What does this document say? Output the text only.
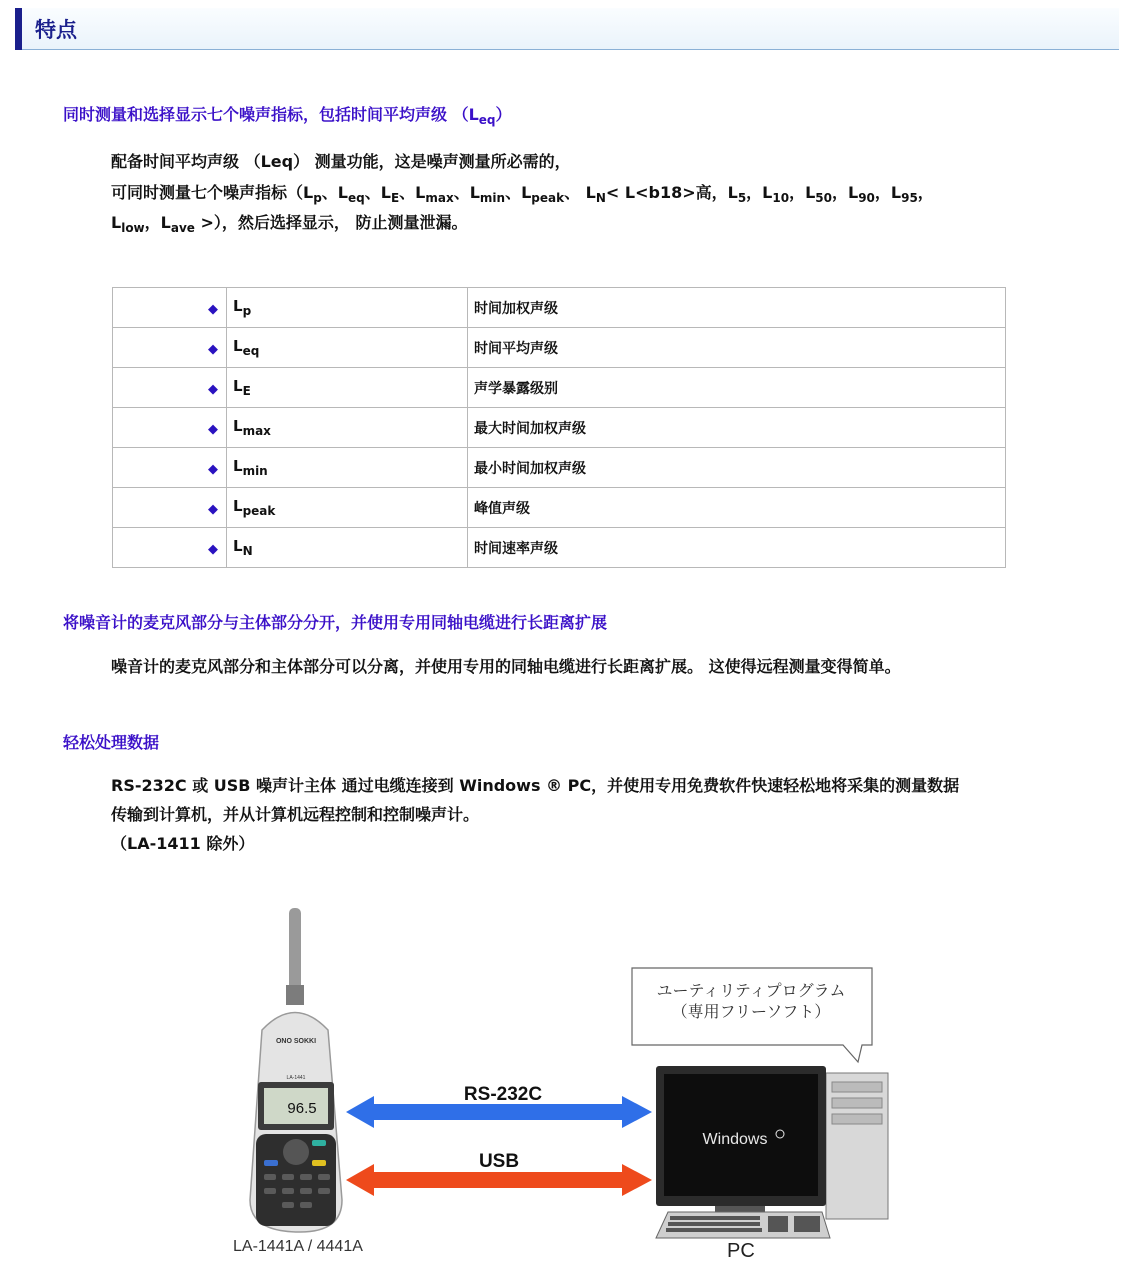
特点
同时测量和选择显示七个噪声指标，包括时间平均声级 $(L_{eq})$
配备时间平均声级 （Leq） 测量功能，这是噪声测量所必需的，
可同时测量七个噪声指标（$L_p$、$L_{eq}$、$L_E$、$L_{max}$、$L_{min}$、$L_{peak}$、 $L_N< L<b18>$高，$L_5$，$L_{10}$，$L_{50}$，$L_{90}$，$L_{95}$，
$L_{low}$，$L_{ave}$ >），然后选择显示， 防止测量泄漏。
◆	$L_p$	时间加权声级
◆	$L_{eq}$	时间平均声级
◆	$L_E$	声学暴露级别
◆	$L_{max}$	最大时间加权声级
◆	$L_{min}$	最小时间加权声级
◆	$L_{peak}$	峰值声级
◆	$L_N$	时间速率声级
将噪音计的麦克风部分与主体部分分开，并使用专用同轴电缆进行长距离扩展
噪音计的麦克风部分和主体部分可以分离，并使用专用的同轴电缆进行长距离扩展。 这使得远程测量变得简单。
轻松处理数据
RS-232C 或 USB 噪声计主体 通过电缆连接到 Windows ® PC，并使用专用免费软件快速轻松地将采集的测量数据
传输到计算机，并从计算机远程控制和控制噪声计。
（LA-1411 除外）
ONO SOKKI
LA-1441
96.5
RS-232C
USB
Windows
ユーティリティプログラム
（専用フリーソフト）
LA-1441A / 4441A	PC
